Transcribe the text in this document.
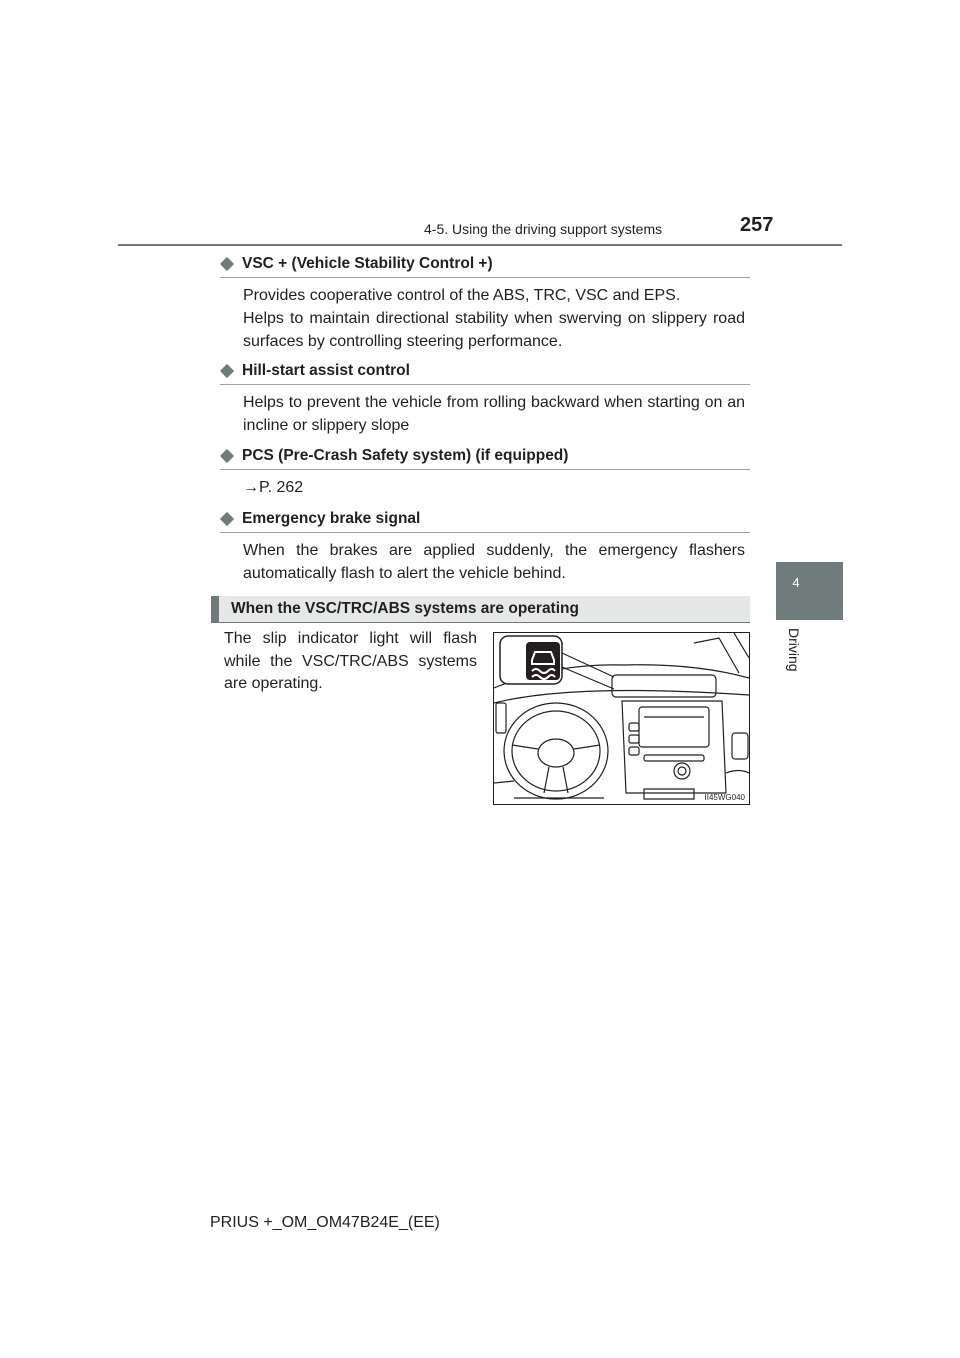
4-5. Using the driving support systems	257
4
Driving
VSC + (Vehicle Stability Control +)
Provides cooperative control of the ABS, TRC, VSC and EPS.
Helps to maintain directional stability when swerving on slippery road surfaces by controlling steering performance.
Hill-start assist control
Helps to prevent the vehicle from rolling backward when starting on an incline or slippery slope
PCS (Pre-Crash Safety system) (if equipped)
→P. 262
Emergency brake signal
When the brakes are applied suddenly, the emergency flashers automatically flash to alert the vehicle behind.
When the VSC/TRC/ABS systems are operating
The slip indicator light will flash while the VSC/TRC/ABS systems are operating.
II45WG040
PRIUS +_OM_OM47B24E_(EE)
